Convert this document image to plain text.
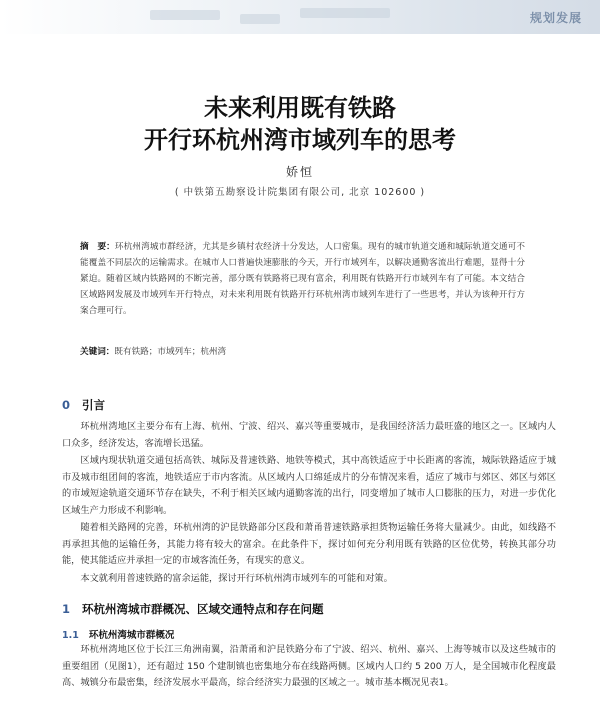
规划发展
未来利用既有铁路
开行环杭州湾市域列车的思考
娇恒
( 中铁第五勘察设计院集团有限公司, 北京 102600 )
摘　要：环杭州湾城市群经济，尤其是乡镇村农经济十分发达，人口密集。现有的城市轨道交通和城际轨道交通可不能覆盖不同层次的运输需求。在城市人口普遍快速膨胀的今天，开行市域列车，以解决通勤客流出行难题，显得十分紧迫。随着区域内铁路网的不断完善，部分既有铁路将已现有富余，利用既有铁路开行市域列车有了可能。本文结合区域路网发展及市域列车开行特点，对未来利用既有铁路开行环杭州湾市域列车进行了一些思考，并认为该种开行方案合理可行。
关键词：既有铁路；市域列车；杭州湾
0 引言

环杭州湾地区主要分布有上海、杭州、宁波、绍兴、嘉兴等重要城市，是我国经济活力最旺盛的地区之一。区域内人口众多，经济发达，客流增长迅猛。

区域内现状轨道交通包括高铁、城际及普速铁路、地铁等模式，其中高铁适应于中长距离的客流，城际铁路适应于城市及城市组团间的客流，地铁适应于市内客流。从区域内人口绵延成片的分布情况来看，适应了城市与郊区、郊区与郊区的市域短途轨道交通环节存在缺失，不利于相关区域内通勤客流的出行，同变增加了城市人口膨胀的压力，对进一步优化区域生产力形成不利影响。

随着相关路网的完善，环杭州湾的沪昆铁路部分区段和萧甬普速铁路承担货物运输任务将大量减少。由此，如线路不再承担其他的运输任务，其能力将有较大的富余。在此条件下，探讨如何充分利用既有铁路的区位优势，转换其部分功能，使其能适应并承担一定的市域客流任务，有现实的意义。

本文就利用普速铁路的富余运能，探讨开行环杭州湾市域列车的可能和对策。

1 环杭州湾城市群概况、区域交通特点和存在问题
1.1 环杭州湾城市群概况

环杭州湾地区位于长江三角洲南翼，沿萧甬和沪昆铁路分布了宁波、绍兴、杭州、嘉兴、上海等城市以及这些城市的重要组团（见图1），还有超过 150 个建制镇也密集地分布在线路两侧。区域内人口约 5 200 万人，是全国城市化程度最高、城镇分布最密集，经济发展水平最高，综合经济实力最强的区域之一。城市基本概况见表1。
